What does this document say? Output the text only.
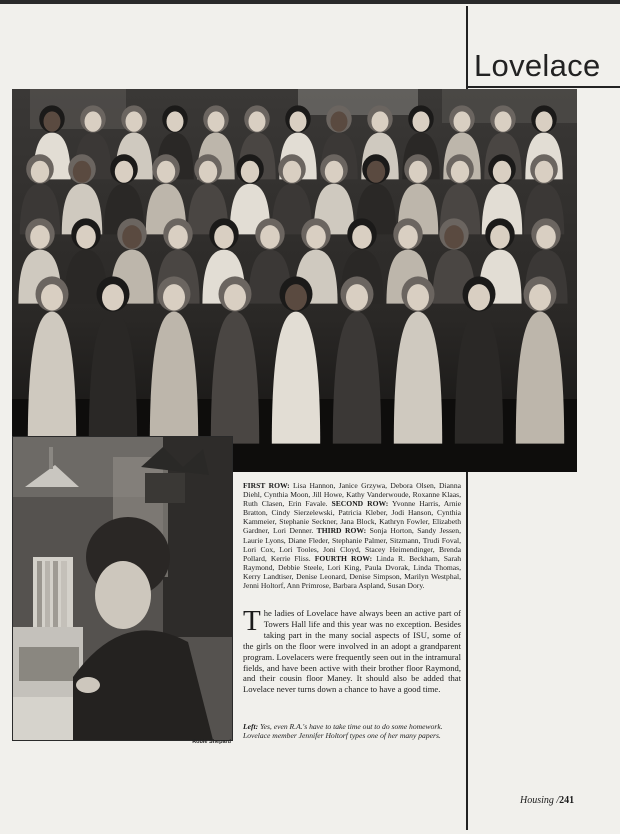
Lovelace
Robie Shepard
FIRST ROW: Lisa Hannon, Janice Grzywa, Debora Olsen, Dianna Diehl, Cynthia Moon, Jill Howe, Kathy Vanderwoude, Roxanne Klaas, Ruth Clasen, Erin Favale. SECOND ROW: Yvonne Harris, Arnie Bratton, Cindy Sierzelewski, Patricia Kleber, Jodi Hanson, Cynthia Kammeier, Stephanie Seckner, Jana Block, Kathryn Fowler, Elizabeth Gardner, Lori Denner. THIRD ROW: Sonja Horton, Sandy Jessen, Laurie Lyons, Diane Fleder, Stephanie Palmer, Sitzmann, Trudi Foval, Lori Cox, Lori Tooles, Joni Cloyd, Stacey Heimendinger, Brenda Pollard, Kerrie Fliss. FOURTH ROW: Linda R. Beckham, Sarah Raymond, Debbie Steele, Lori King, Paula Dvorak, Linda Thomas, Kerry Landtiser, Denise Leonard, Denise Simpson, Marilyn Westphal, Jenni Holtorf, Ann Primrose, Barbara Aspland, Susan Dory.
The ladies of Lovelace have always been an active part of Towers Hall life and this year was no exception. Besides taking part in the many social aspects of ISU, some of the girls on the floor were involved in an adopt a grandparent program. Lovelacers were frequently seen out in the intramural fields, and have been active with their brother floor Raymond, and their cousin floor Maney. It should also be added that Lovelace never turns down a chance to have a good time.
Left: Yes, even R.A.'s have to take time out to do some homework. Lovelace member Jennifer Holtorf types one of her many papers.
Housing /241
